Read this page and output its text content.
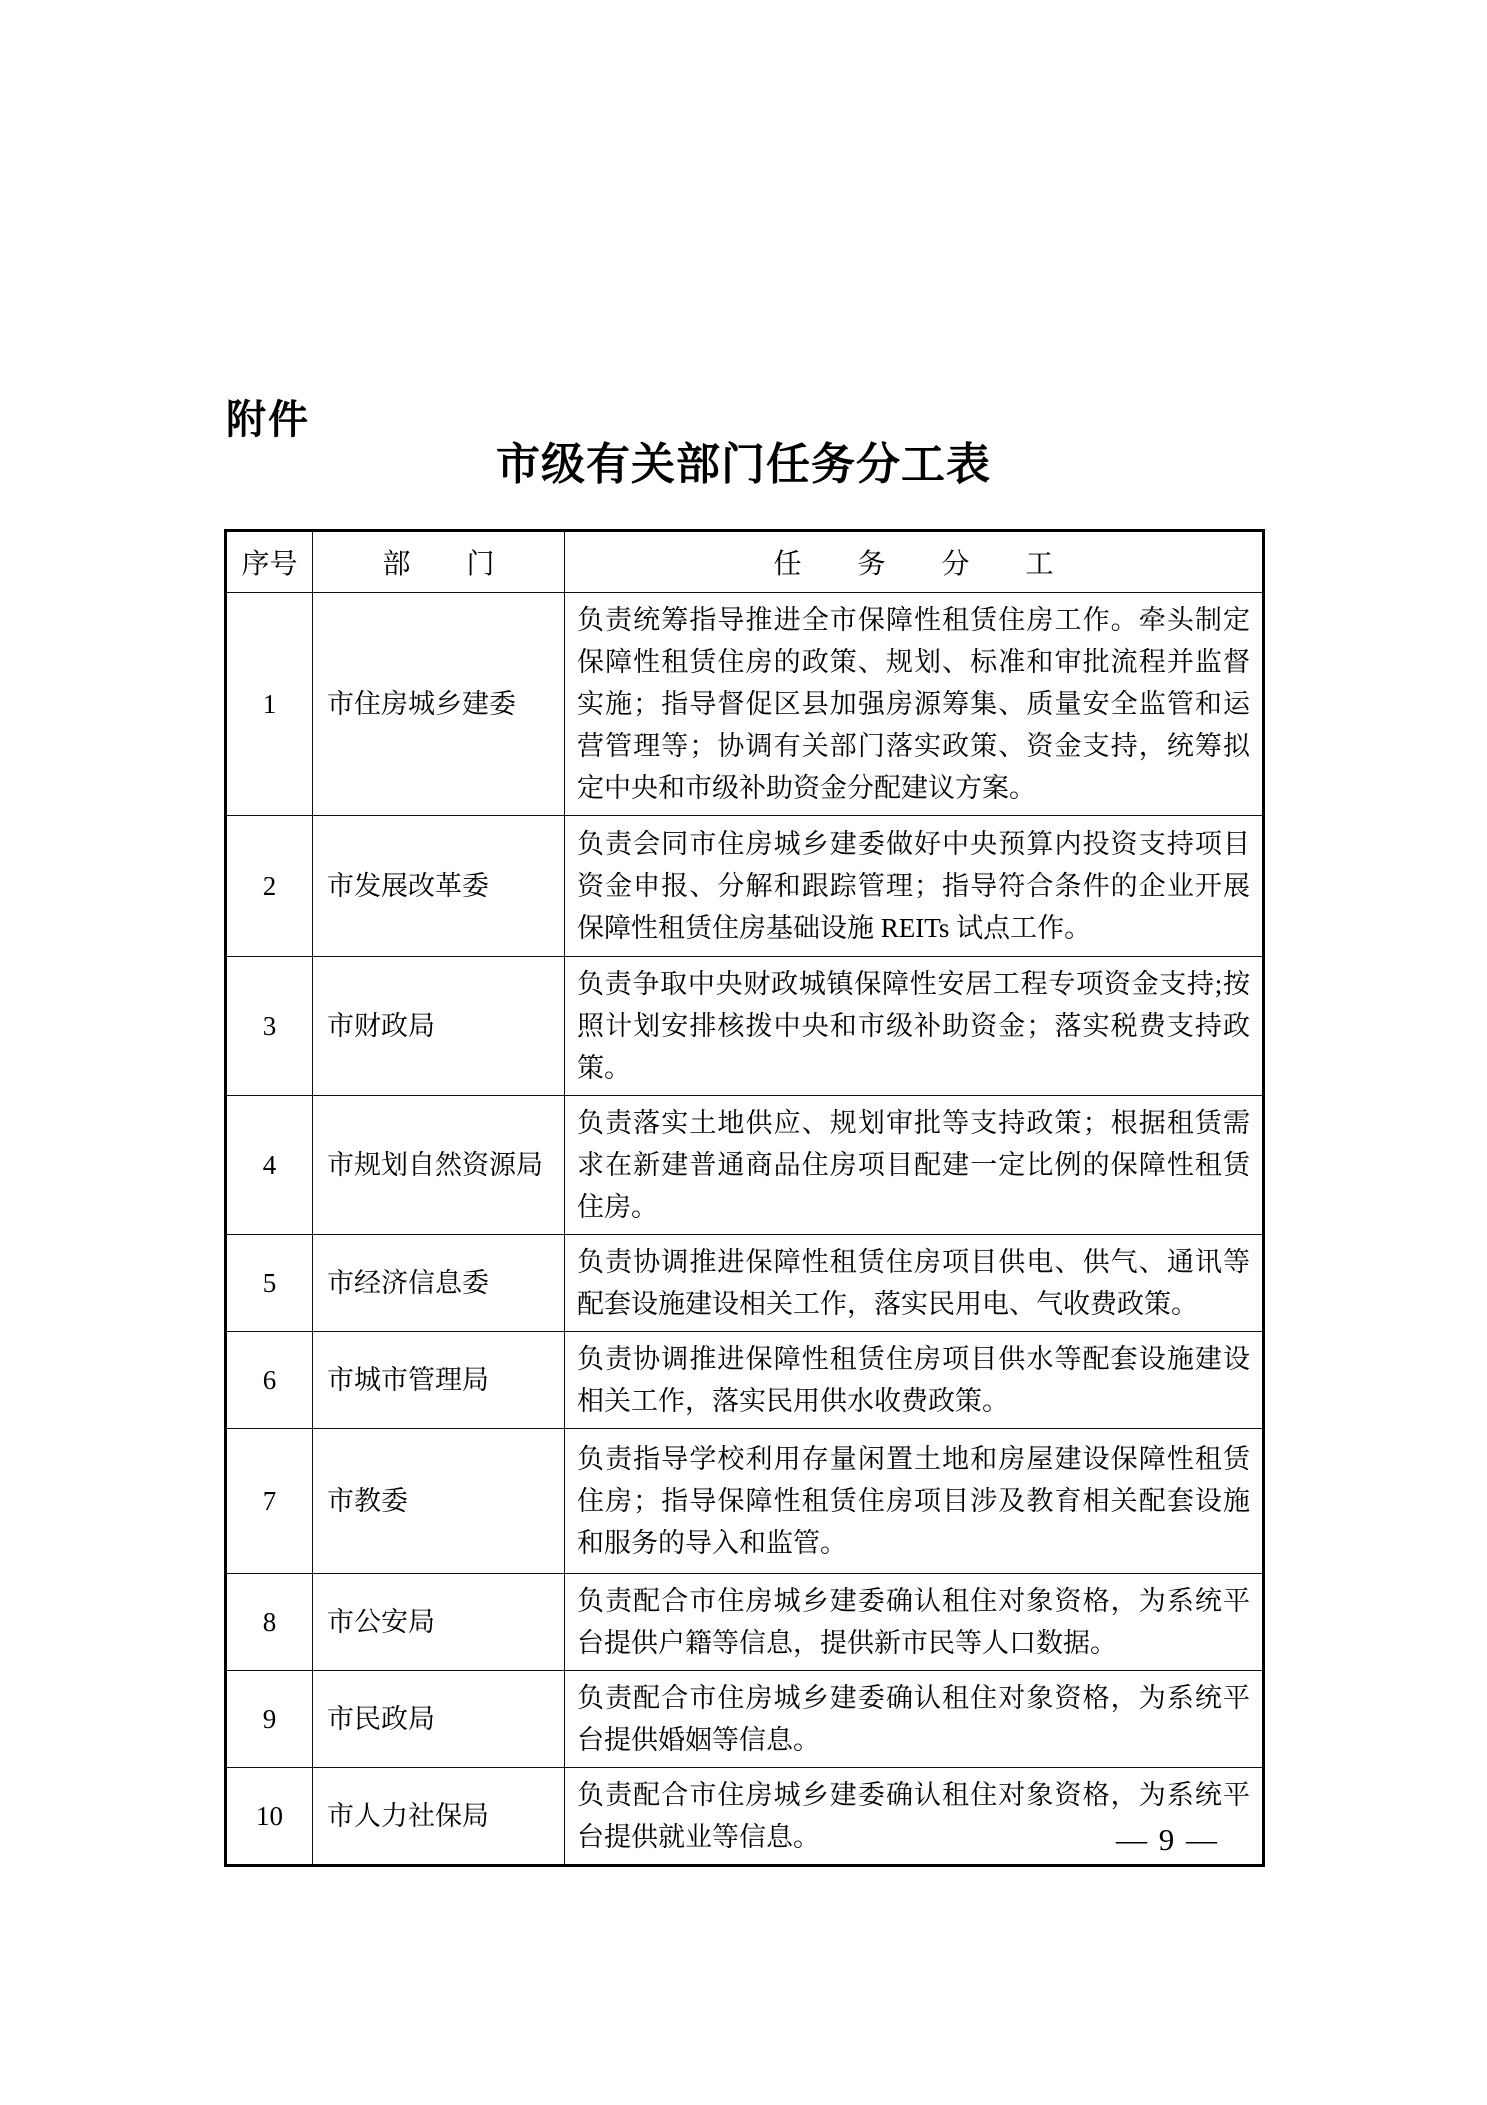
附件
市级有关部门任务分工表
序号	部　　门	任　　务　　分　　工
1	市住房城乡建委	负责统筹指导推进全市保障性租赁住房工作。牵头制定保障性租赁住房的政策、规划、标准和审批流程并监督实施；指导督促区县加强房源筹集、质量安全监管和运营管理等；协调有关部门落实政策、资金支持，统筹拟定中央和市级补助资金分配建议方案。
2	市发展改革委	负责会同市住房城乡建委做好中央预算内投资支持项目资金申报、分解和跟踪管理；指导符合条件的企业开展保障性租赁住房基础设施 REITs 试点工作。
3	市财政局	负责争取中央财政城镇保障性安居工程专项资金支持;按照计划安排核拨中央和市级补助资金；落实税费支持政策。
4	市规划自然资源局	负责落实土地供应、规划审批等支持政策；根据租赁需求在新建普通商品住房项目配建一定比例的保障性租赁住房。
5	市经济信息委	负责协调推进保障性租赁住房项目供电、供气、通讯等配套设施建设相关工作，落实民用电、气收费政策。
6	市城市管理局	负责协调推进保障性租赁住房项目供水等配套设施建设相关工作，落实民用供水收费政策。
7	市教委	负责指导学校利用存量闲置土地和房屋建设保障性租赁住房；指导保障性租赁住房项目涉及教育相关配套设施和服务的导入和监管。
8	市公安局	负责配合市住房城乡建委确认租住对象资格，为系统平台提供户籍等信息，提供新市民等人口数据。
9	市民政局	负责配合市住房城乡建委确认租住对象资格，为系统平台提供婚姻等信息。
10	市人力社保局	负责配合市住房城乡建委确认租住对象资格，为系统平台提供就业等信息。	— 9 —
